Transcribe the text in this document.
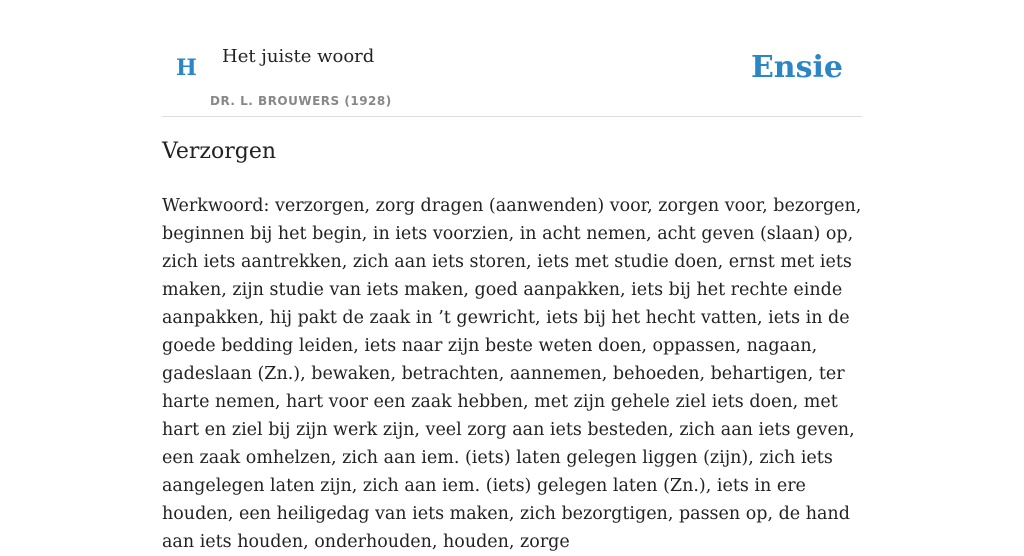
H Het juiste woord
DR. L. BROUWERS (1928)
Ensie
Verzorgen

Werkwoord: verzorgen, zorg dragen (aanwenden) voor, zorgen voor, bezorgen, beginnen bij het begin, in iets voorzien, in acht nemen, acht geven (slaan) op, zich iets aantrekken, zich aan iets storen, iets met studie doen, ernst met iets maken, zijn studie van iets maken, goed aanpakken, iets bij het rechte einde aanpakken, hij pakt de zaak in ’t gewricht, iets bij het hecht vatten, iets in de goede bedding leiden, iets naar zijn beste weten doen, oppassen, nagaan, gadeslaan (Zn.), bewaken, betrachten, aannemen, behoeden, behartigen, ter harte nemen, hart voor een zaak hebben, met zijn gehele ziel iets doen, met hart en ziel bij zijn werk zijn, veel zorg aan iets besteden, zich aan iets geven, een zaak omhelzen, zich aan iem. (iets) laten gelegen liggen (zijn), zich iets aangelegen laten zijn, zich aan iem. (iets) gelegen laten (Zn.), iets in ere houden, een heiligedag van iets maken, zich bezorgtigen, passen op, de hand aan iets houden, onderhouden, houden, zorge
